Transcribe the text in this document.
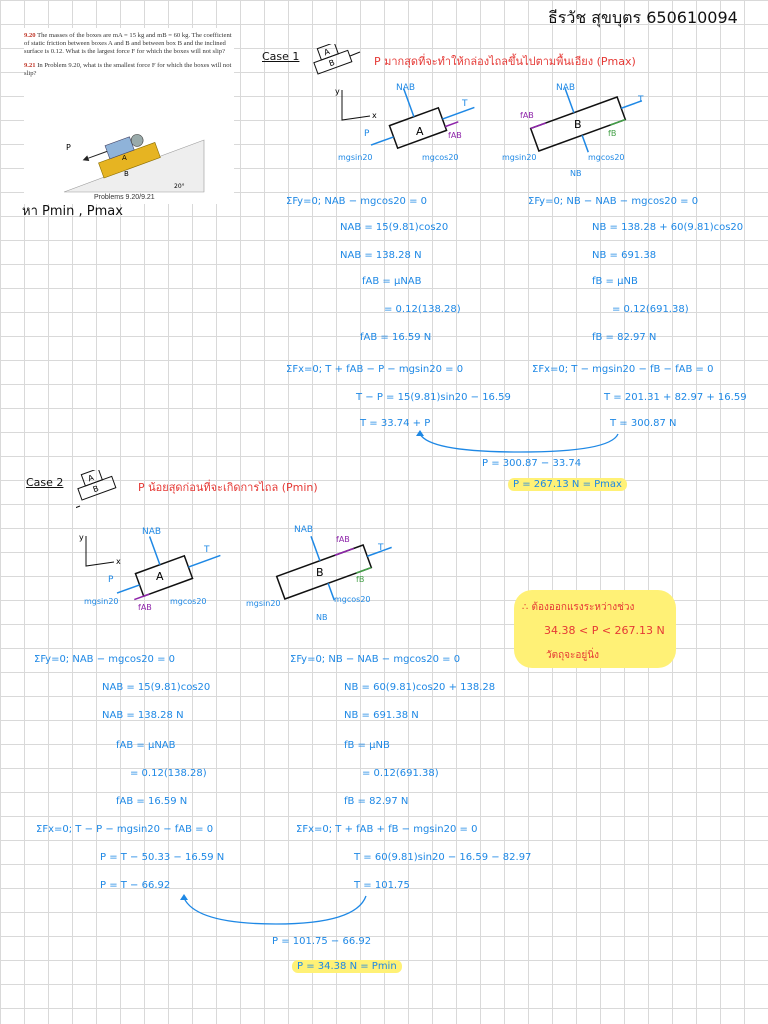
ธีรวัช สุขบุตร 650610094

9.20 The masses of the boxes are mA = 15 kg and mB = 60 kg. The coefficient of static friction between boxes A and B and between box B and the inclined surface is 0.12. What is the largest force F for which the boxes will not slip?

9.21 In Problem 9.20, what is the smallest force F for which the boxes will not slip?

P
A
B
20°

Problems 9.20/9.21

หา Pmin , Pmax
Case 1	A
B	P มากสุดที่จะทำให้กล่องไถลขึ้นไปตามพื้นเอียง (Pmax)
y
x
A
NAB
T
P	fAB
mgsin20	mgcos20
B
NAB
T
fAB
fB
NB
mgsin20	mgcos20
ΣFy=0; NAB − mgcos20 = 0
NAB = 15(9.81)cos20
NAB = 138.28 N
fAB = μNAB
= 0.12(138.28)
fAB = 16.59 N
ΣFx=0; T + fAB − P − mgsin20 = 0
T − P = 15(9.81)sin20 − 16.59
T = 33.74 + P
ΣFy=0; NB − NAB − mgcos20 = 0
NB = 138.28 + 60(9.81)cos20
NB = 691.38
fB = μNB
= 0.12(691.38)
fB = 82.97 N
ΣFx=0; T − mgsin20 − fB − fAB = 0
T = 201.31 + 82.97 + 16.59
T = 300.87 N
P = 300.87 − 33.74
P = 267.13 N = Pmax
Case 2	A
B	P น้อยสุดก่อนที่จะเกิดการไถล (Pmin)
y
x
A
NAB
T
P
fAB
mgsin20	mgcos20
B
NAB
T
fAB
fB
NB
mgsin20	mgcos20
∴ ต้องออกแรงระหว่างช่วง
34.38 < P < 267.13 N
วัตถุจะอยู่นิ่ง
ΣFy=0; NAB − mgcos20 = 0
NAB = 15(9.81)cos20
NAB = 138.28 N
fAB = μNAB
= 0.12(138.28)
fAB = 16.59 N
ΣFx=0; T − P − mgsin20 − fAB = 0
P = T − 50.33 − 16.59 N
P = T − 66.92
ΣFy=0; NB − NAB − mgcos20 = 0
NB = 60(9.81)cos20 + 138.28
NB = 691.38 N
fB = μNB
= 0.12(691.38)
fB = 82.97 N
ΣFx=0; T + fAB + fB − mgsin20 = 0
T = 60(9.81)sin20 − 16.59 − 82.97
T = 101.75
P = 101.75 − 66.92
P = 34.38 N = Pmin
